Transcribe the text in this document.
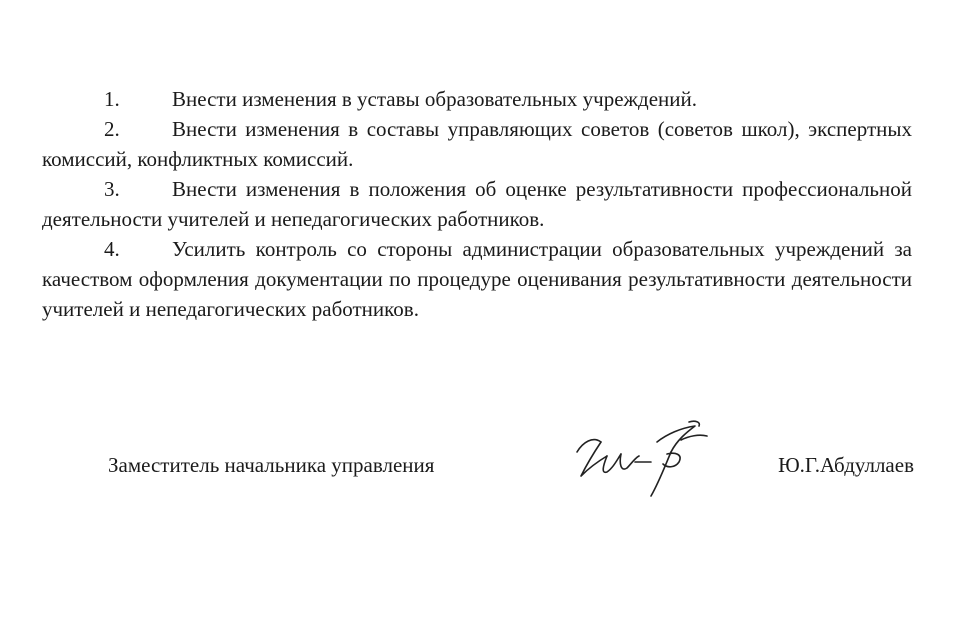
1. Внести изменения в уставы образовательных учреждений.

2. Внести изменения в составы управляющих советов (советов школ), экспертных комиссий, конфликтных комиссий.

3. Внести изменения в положения об оценке результативности профессиональной деятельности учителей и непедагогических работников.

4. Усилить контроль со стороны администрации образовательных учреждений за качеством оформления документации по процедуре оценивания результативности деятельности учителей и непедагогических работников.

Заместитель начальника управления	Ю.Г.Абдуллаев
